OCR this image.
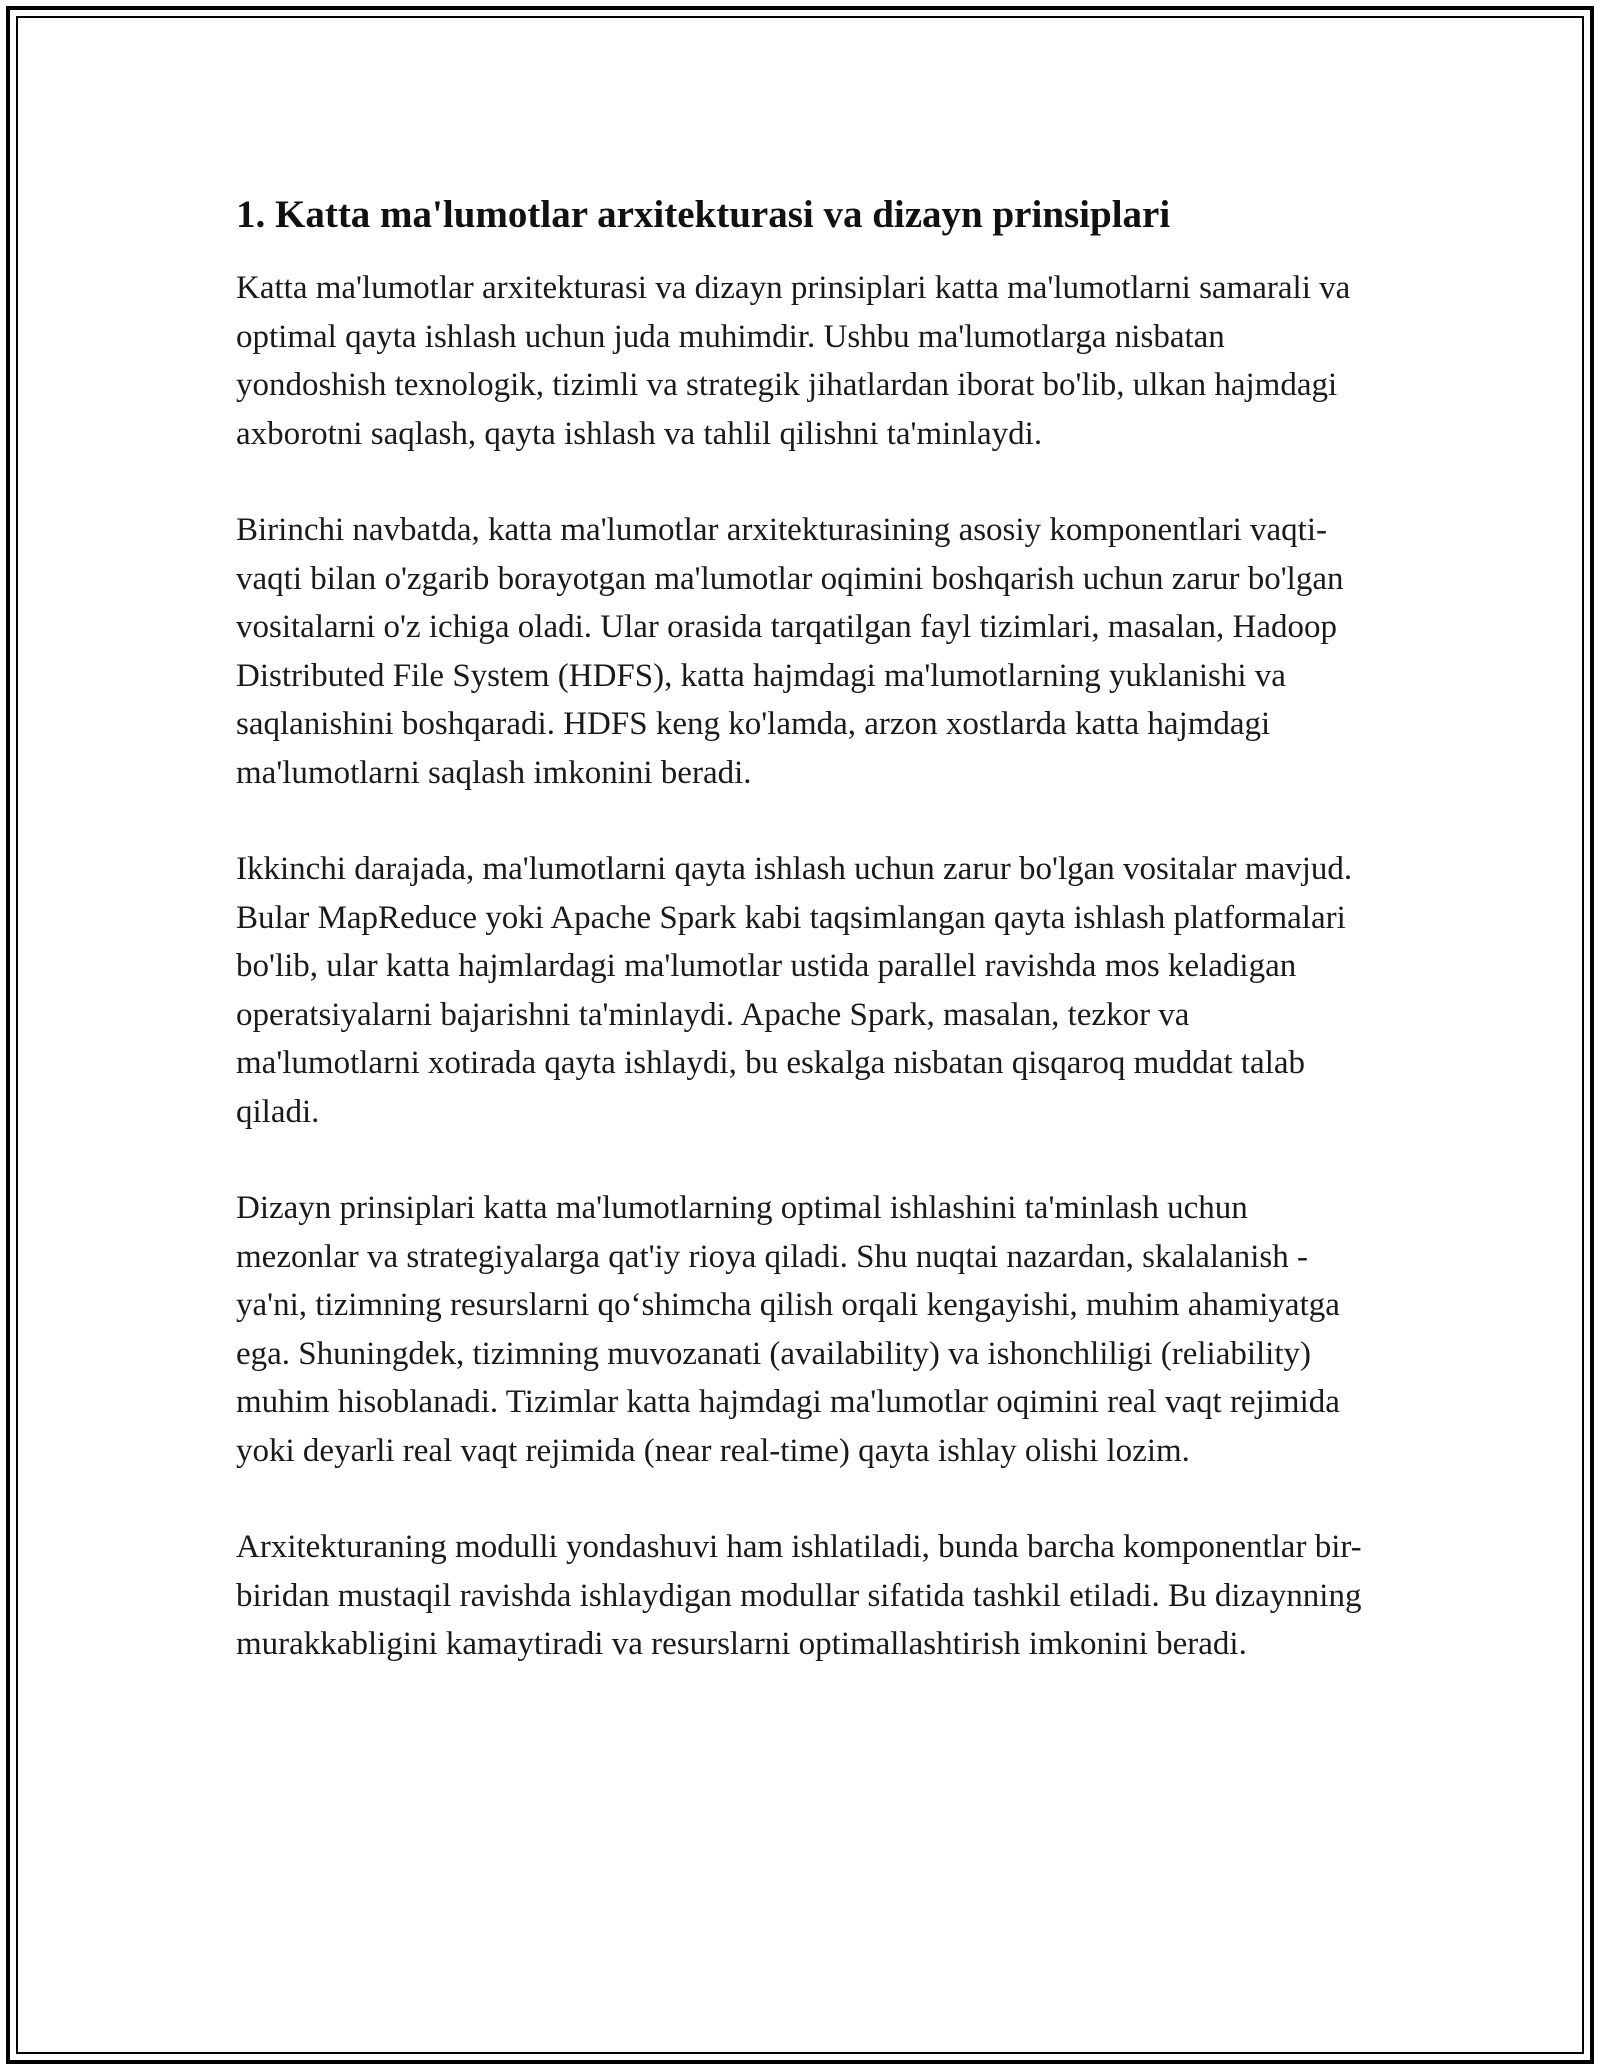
1. Katta ma'lumotlar arxitekturasi va dizayn prinsiplari

Katta ma'lumotlar arxitekturasi va dizayn prinsiplari katta ma'lumotlarni samarali va optimal qayta ishlash uchun juda muhimdir. Ushbu ma'lumotlarga nisbatan yondoshish texnologik, tizimli va strategik jihatlardan iborat bo'lib, ulkan hajmdagi axborotni saqlash, qayta ishlash va tahlil qilishni ta'minlaydi.

Birinchi navbatda, katta ma'lumotlar arxitekturasining asosiy komponentlari vaqti-vaqti bilan o'zgarib borayotgan ma'lumotlar oqimini boshqarish uchun zarur bo'lgan vositalarni o'z ichiga oladi. Ular orasida tarqatilgan fayl tizimlari, masalan, Hadoop Distributed File System (HDFS), katta hajmdagi ma'lumotlarning yuklanishi va saqlanishini boshqaradi. HDFS keng ko'lamda, arzon xostlarda katta hajmdagi ma'lumotlarni saqlash imkonini beradi.

Ikkinchi darajada, ma'lumotlarni qayta ishlash uchun zarur bo'lgan vositalar mavjud. Bular MapReduce yoki Apache Spark kabi taqsimlangan qayta ishlash platformalari bo'lib, ular katta hajmlardagi ma'lumotlar ustida parallel ravishda mos keladigan operatsiyalarni bajarishni ta'minlaydi. Apache Spark, masalan, tezkor va ma'lumotlarni xotirada qayta ishlaydi, bu eskalga nisbatan qisqaroq muddat talab qiladi.

Dizayn prinsiplari katta ma'lumotlarning optimal ishlashini ta'minlash uchun mezonlar va strategiyalarga qat'iy rioya qiladi. Shu nuqtai nazardan, skalalanish - ya'ni, tizimning resurslarni qo‘shimcha qilish orqali kengayishi, muhim ahamiyatga ega. Shuningdek, tizimning muvozanati (availability) va ishonchliligi (reliability) muhim hisoblanadi. Tizimlar katta hajmdagi ma'lumotlar oqimini real vaqt rejimida yoki deyarli real vaqt rejimida (near real-time) qayta ishlay olishi lozim.

Arxitekturaning modulli yondashuvi ham ishlatiladi, bunda barcha komponentlar bir-biridan mustaqil ravishda ishlaydigan modullar sifatida tashkil etiladi. Bu dizaynning murakkabligini kamaytiradi va resurslarni optimallashtirish imkonini beradi.
